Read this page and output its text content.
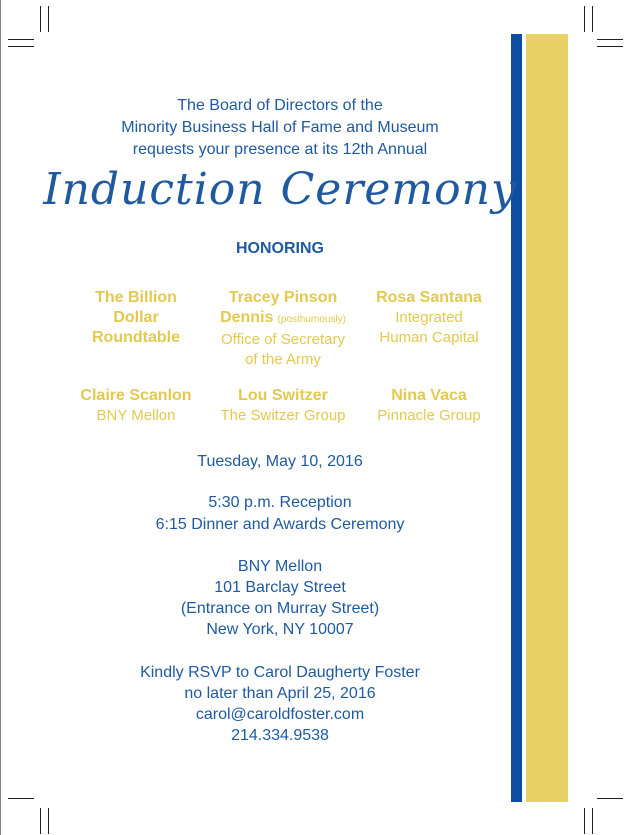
The Board of Directors of the
Minority Business Hall of Fame and Museum
requests your presence at its 12th Annual
Induction Ceremony
HONORING
The Billion
Dollar
Roundtable
Tracey Pinson
Dennis (posthumously)
Office of Secretary
of the Army
Rosa Santana
Integrated
Human Capital
Claire Scanlon
BNY Mellon
Lou Switzer
The Switzer Group
Nina Vaca
Pinnacle Group
Tuesday, May 10, 2016
5:30 p.m. Reception
6:15 Dinner and Awards Ceremony
BNY Mellon
101 Barclay Street
(Entrance on Murray Street)
New York, NY 10007
Kindly RSVP to Carol Daugherty Foster
no later than April 25, 2016
carol@caroldfoster.com
214.334.9538
